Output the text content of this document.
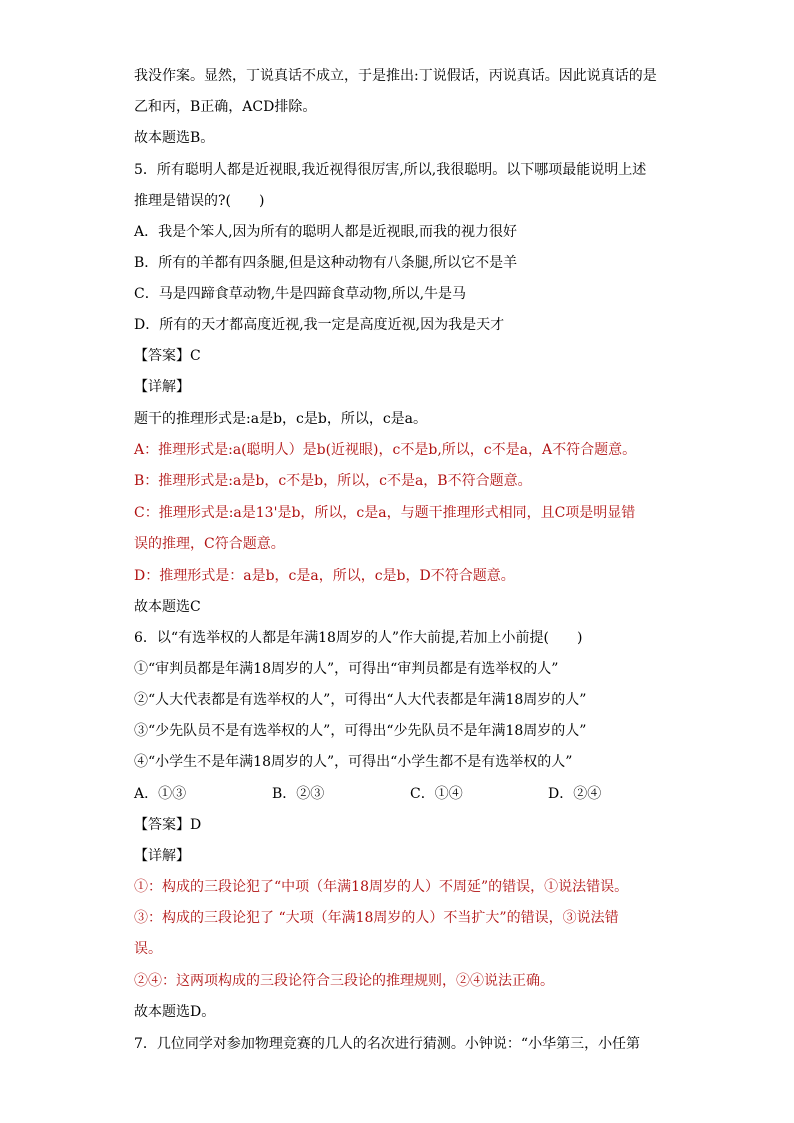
我没作案。显然，丁说真话不成立，于是推出:丁说假话，丙说真话。因此说真话的是
乙和丙，B正确，ACD排除。
故本题选B。
5．所有聪明人都是近视眼,我近视得很厉害,所以,我很聪明。以下哪项最能说明上述
推理是错误的?(　　)
A．我是个笨人,因为所有的聪明人都是近视眼,而我的视力很好
B．所有的羊都有四条腿,但是这种动物有八条腿,所以它不是羊
C．马是四蹄食草动物,牛是四蹄食草动物,所以,牛是马
D．所有的天才都高度近视,我一定是高度近视,因为我是天才
【答案】C
【详解】
题干的推理形式是:a是b，c是b，所以，c是a。
A：推理形式是:a(聪明人）是b(近视眼)，c不是b,所以，c不是a，A不符合题意。
B：推理形式是:a是b，c不是b，所以，c不是a，B不符合题意。
C：推理形式是:a是13'是b，所以，c是a，与题干推理形式相同，且C项是明显错
误的推理，C符合题意。
D：推理形式是：a是b，c是a，所以，c是b，D不符合题意。
故本题选C
6．以“有选举权的人都是年满18周岁的人”作大前提,若加上小前提(　　)
①“审判员都是年满18周岁的人”，可得出“审判员都是有选举权的人”
②“人大代表都是有选举权的人”，可得出“人大代表都是年满18周岁的人”
③“少先队员不是有选举权的人”，可得出“少先队员不是年满18周岁的人”
④“小学生不是年满18周岁的人”，可得出“小学生都不是有选举权的人”
A．①③	B．②③	C．①④	D．②④
【答案】D
【详解】
①：构成的三段论犯了“中项（年满18周岁的人）不周延”的错误，①说法错误。
③：构成的三段论犯了 “大项（年满18周岁的人）不当扩大”的错误，③说法错
误。
②④：这两项构成的三段论符合三段论的推理规则，②④说法正确。
故本题选D。
7．几位同学对参加物理竞赛的几人的名次进行猜测。小钟说：“小华第三，小任第
